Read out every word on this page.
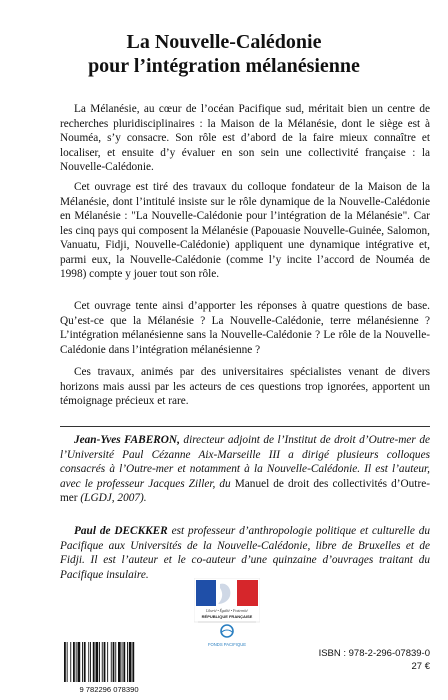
La Nouvelle-Calédonie
pour l’intégration mélanésienne

La Mélanésie, au cœur de l’océan Pacifique sud, méritait bien un centre de recherches pluridisciplinaires : la Maison de la Mélanésie, dont le siège est à Nouméa, s’y consacre. Son rôle est d’abord de la faire mieux connaître et localiser, et ensuite d’y évaluer en son sein une collectivité française : la Nouvelle-Calédonie.

Cet ouvrage est tiré des travaux du colloque fondateur de la Maison de la Mélanésie, dont l’intitulé insiste sur le rôle dynamique de la Nouvelle-Calédonie en Mélanésie : "La Nouvelle-Calédonie pour l’intégration de la Mélanésie". Car les cinq pays qui composent la Mélanésie (Papouasie Nouvelle-Guinée, Salomon, Vanuatu, Fidji, Nouvelle-Calédonie) appliquent une dynamique intégrative et, parmi eux, la Nouvelle-Calédonie (comme l’y incite l’accord de Nouméa de 1998) compte y jouer tout son rôle.

Cet ouvrage tente ainsi d’apporter les réponses à quatre questions de base. Qu’est-ce que la Mélanésie ? La Nouvelle-Calédonie, terre mélanésienne ? L’intégration mélanésienne sans la Nouvelle-Calédonie ? Le rôle de la Nouvelle-Calédonie dans l’intégration mélanésienne ?

Ces travaux, animés par des universitaires spécialistes venant de divers horizons mais aussi par les acteurs de ces questions trop ignorées, apportent un témoignage précieux et rare.

Jean-Yves FABERON, directeur adjoint de l’Institut de droit d’Outre-mer de l’Université Paul Cézanne Aix-Marseille III a dirigé plusieurs colloques consacrés à l’Outre-mer et notamment à la Nouvelle-Calédonie. Il est l’auteur, avec le professeur Jacques Ziller, du Manuel de droit des collectivités d’Outre-mer (LGDJ, 2007).

Paul de DECKKER est professeur d’anthropologie politique et culturelle du Pacifique aux Universités de la Nouvelle-Calédonie, libre de Bruxelles et de Fidji. Il est l’auteur et le co-auteur d’une quinzaine d’ouvrages traitant du Pacifique insulaire.

Liberté • Égalité • Fraternité
RÉPUBLIQUE FRANÇAISE
FONDS PACIFIQUE
9 782296 078390
ISBN : 978-2-296-07839-0
27 €
